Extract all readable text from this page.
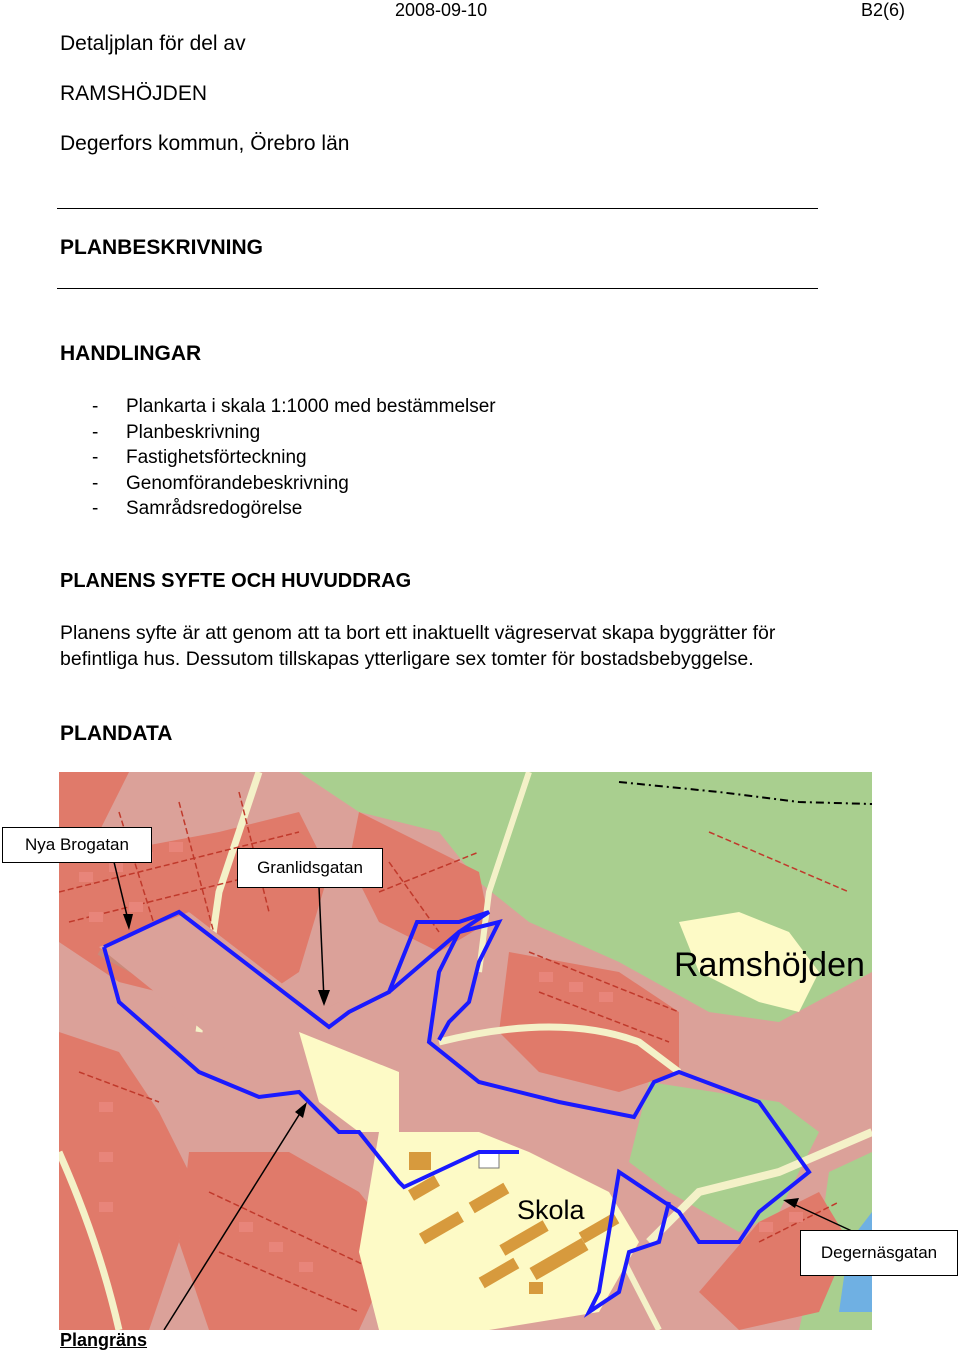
2008-09-10	B2(6)
Detaljplan för del av
RAMSHÖJDEN
Degerfors kommun, Örebro län
PLANBESKRIVNING
HANDLINGAR
- Plankarta i skala 1:1000 med bestämmelser
- Planbeskrivning
- Fastighetsförteckning
- Genomförandebeskrivning
- Samrådsredogörelse
PLANENS SYFTE OCH HUVUDDRAG
Planens syfte är att genom att ta bort ett inaktuellt vägreservat skapa byggrätter för
befintliga hus. Dessutom tillskapas ytterligare sex tomter för bostadsbebyggelse.
PLANDATA
Ramshöjden
Skola
Nya Brogatan
Granlidsgatan
Degernäsgatan
Plangräns
